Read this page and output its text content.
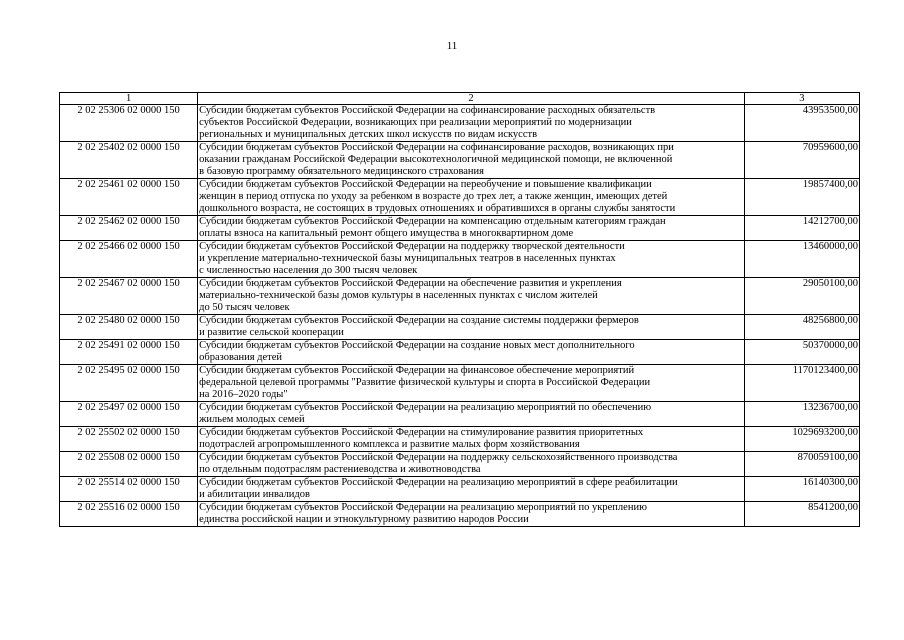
11
1	2	3
2 02 25306 02 0000 150	Субсидии бюджетам субъектов Российской Федерации на софинансирование расходных обязательств
субъектов Российской Федерации, возникающих при реализации мероприятий по модернизации
региональных и муниципальных детских школ искусств по видам искусств	43953500,00
2 02 25402 02 0000 150	Субсидии бюджетам субъектов Российской Федерации на софинансирование расходов, возникающих при
оказании гражданам Российской Федерации высокотехнологичной медицинской помощи, не включенной
в базовую программу обязательного медицинского страхования	70959600,00
2 02 25461 02 0000 150	Субсидии бюджетам субъектов Российской Федерации на переобучение и повышение квалификации
женщин в период отпуска по уходу за ребенком в возрасте до трех лет, а также женщин, имеющих детей
дошкольного возраста, не состоящих в трудовых отношениях и обратившихся в органы службы занятости	19857400,00
2 02 25462 02 0000 150	Субсидии бюджетам субъектов Российской Федерации на компенсацию отдельным категориям граждан
оплаты взноса на капитальный ремонт общего имущества в многоквартирном доме	14212700,00
2 02 25466 02 0000 150	Субсидии бюджетам субъектов Российской Федерации на поддержку творческой деятельности
и укрепление материально-технической базы муниципальных театров в населенных пунктах
с численностью населения до 300 тысяч человек	13460000,00
2 02 25467 02 0000 150	Субсидии бюджетам субъектов Российской Федерации на обеспечение развития и укрепления
материально-технической базы домов культуры в населенных пунктах с числом жителей
до 50 тысяч человек	29050100,00
2 02 25480 02 0000 150	Субсидии бюджетам субъектов Российской Федерации на создание системы поддержки фермеров
и развитие сельской кооперации	48256800,00
2 02 25491 02 0000 150	Субсидии бюджетам субъектов Российской Федерации на создание новых мест дополнительного
образования детей	50370000,00
2 02 25495 02 0000 150	Субсидии бюджетам субъектов Российской Федерации на финансовое обеспечение мероприятий
федеральной целевой программы "Развитие физической культуры и спорта в Российской Федерации
на 2016–2020 годы"	1170123400,00
2 02 25497 02 0000 150	Субсидии бюджетам субъектов Российской Федерации на реализацию мероприятий по обеспечению
жильем молодых семей	13236700,00
2 02 25502 02 0000 150	Субсидии бюджетам субъектов Российской Федерации на стимулирование развития приоритетных
подотраслей агропромышленного комплекса и развитие малых форм хозяйствования	1029693200,00
2 02 25508 02 0000 150	Субсидии бюджетам субъектов Российской Федерации на поддержку сельскохозяйственного производства
по отдельным подотраслям растениеводства и животноводства	870059100,00
2 02 25514 02 0000 150	Субсидии бюджетам субъектов Российской Федерации на реализацию мероприятий в сфере реабилитации
и абилитации инвалидов	16140300,00
2 02 25516 02 0000 150	Субсидии бюджетам субъектов Российской Федерации на реализацию мероприятий по укреплению
единства российской нации и этнокультурному развитию народов России	8541200,00
